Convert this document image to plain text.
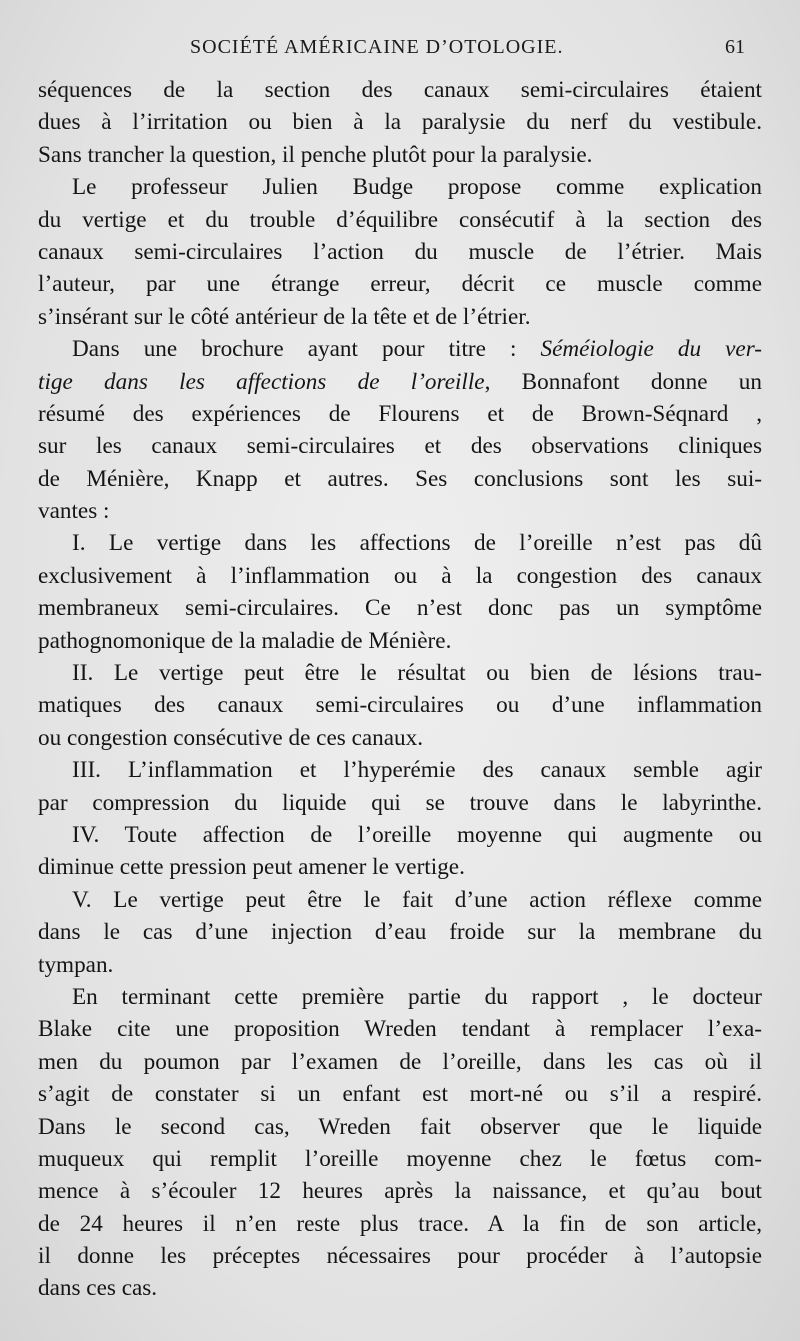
SOCIÉTÉ AMÉRICAINE D’OTOLOGIE.	61
séquences de la section des canaux semi-circulaires étaient
dues à l’irritation ou bien à la paralysie du nerf du vestibule.
Sans trancher la question, il penche plutôt pour la paralysie.
Le professeur Julien Budge propose comme explication
du vertige et du trouble d’équilibre consécutif à la section des
canaux semi-circulaires l’action du muscle de l’étrier. Mais
l’auteur, par une étrange erreur, décrit ce muscle comme
s’insérant sur le côté antérieur de la tête et de l’étrier.
Dans une brochure ayant pour titre : Séméiologie du ver-
tige dans les affections de l’oreille, Bonnafont donne un
résumé des expériences de Flourens et de Brown-Séqnard ,
sur les canaux semi-circulaires et des observations cliniques
de Ménière, Knapp et autres. Ses conclusions sont les sui-
vantes :
I. Le vertige dans les affections de l’oreille n’est pas dû
exclusivement à l’inflammation ou à la congestion des canaux
membraneux semi-circulaires. Ce n’est donc pas un symptôme
pathognomonique de la maladie de Ménière.
II. Le vertige peut être le résultat ou bien de lésions trau-
matiques des canaux semi-circulaires ou d’une inflammation
ou congestion consécutive de ces canaux.
III. L’inflammation et l’hyperémie des canaux semble agir
par compression du liquide qui se trouve dans le labyrinthe.
IV. Toute affection de l’oreille moyenne qui augmente ou
diminue cette pression peut amener le vertige.
V. Le vertige peut être le fait d’une action réflexe comme
dans le cas d’une injection d’eau froide sur la membrane du
tympan.
En terminant cette première partie du rapport , le docteur
Blake cite une proposition Wreden tendant à remplacer l’exa-
men du poumon par l’examen de l’oreille, dans les cas où il
s’agit de constater si un enfant est mort-né ou s’il a respiré.
Dans le second cas, Wreden fait observer que le liquide
muqueux qui remplit l’oreille moyenne chez le fœtus com-
mence à s’écouler 12 heures après la naissance, et qu’au bout
de 24 heures il n’en reste plus trace. A la fin de son article,
il donne les préceptes nécessaires pour procéder à l’autopsie
dans ces cas.
